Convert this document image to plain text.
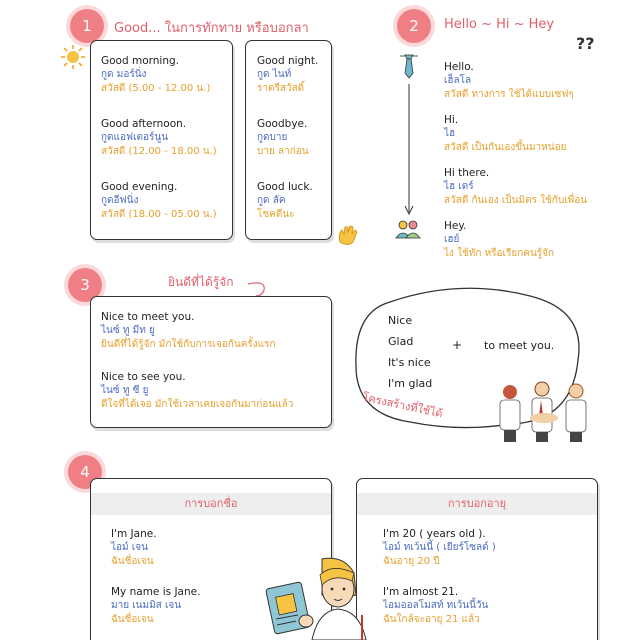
1	Good... ในการทักทาย หรือบอกลา
Good morning.
กูด มอร์นิ่ง
สวัสดี (5.00 - 12.00 น.)
Good afternoon.
กูดแอฟเตอร์นูน
สวัสดี (12.00 - 18.00 น.)
Good evening.
กูดอีฟนิ่ง
สวัสดี (18.00 - 05.00 น.)
Good night.
กูด ไนท์
ราตรีสวัสดิ์
Goodbye.
กูดบาย
บาย ลาก่อน
Good luck.
กูด ลัค
โชคดีนะ
2	Hello ~ Hi ~ Hey
?​?
Hello.
เฮ็ลโล
สวัสดี ทางการ ใช้ได้แบบเซฟๆ
Hi.
ไฮ
สวัสดี เป็นกันเองขึ้นมาหน่อย
Hi there.
ไฮ เดร์
สวัสดี กันเอง เป็นมิตร ใช้กับเพื่อน
Hey.
เฮย์
ไง ใช้ทัก หรือเรียกคนรู้จัก
3	ยินดีที่ได้รู้จัก
Nice to meet you.
ไนซ์ ทู มีท ยู
ยินดีที่ได้รู้จัก มักใช้กับการเจอกันครั้งแรก
Nice to see you.
ไนซ์ ทู ซี ยู
ดีใจที่ได้เจอ มักใช้เวลาเคยเจอกันมาก่อนแล้ว
Nice
Glad
It's nice
I'm glad
+ to meet you.
โครงสร้างที่ใช้ได้
4
การบอกชื่อ
I'm Jane.
ไอม์ เจน
ฉันชื่อเจน
My name is Jane.
มาย เนมมิส เจน
ฉันชื่อเจน
การบอกอายุ
I'm 20 ( years old ).
ไอม์ ทเว้นนี้ ( เยียร์โซลด์ )
ฉันอายุ 20 ปี
I'm almost 21.
ไอมออลโมสท์ ทเว้นนี้วัน
ฉันใกล้จะอายุ 21 แล้ว
